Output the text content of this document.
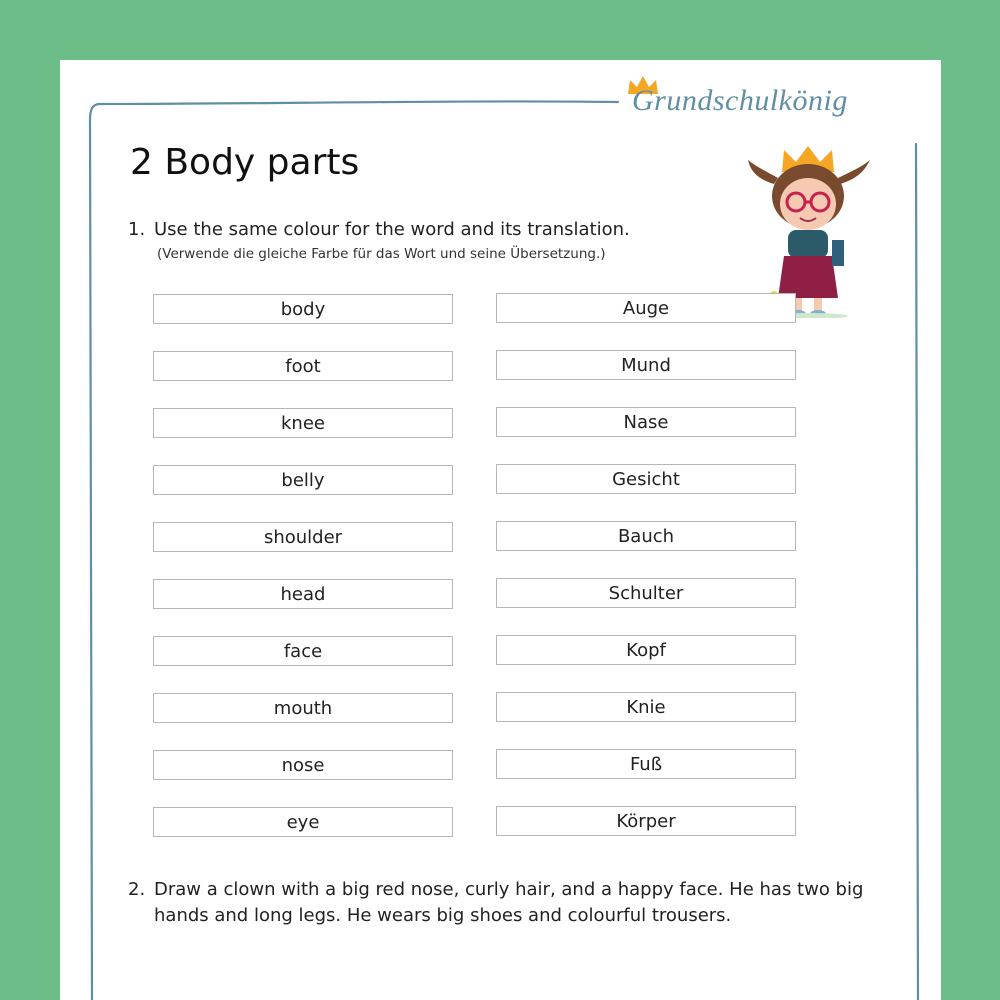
Grundschulkönig
2 Body parts
1. Use the same colour for the word and its translation.
(Verwende die gleiche Farbe für das Wort und seine Übersetzung.)
body
foot
knee
belly
shoulder
head
face
mouth
nose
eye
Auge
Mund
Nase
Gesicht
Bauch
Schulter
Kopf
Knie
Fuß
Körper
2. Draw a clown with a big red nose, curly hair, and a happy face. He has two big hands and long legs. He wears big shoes and colourful trousers.
